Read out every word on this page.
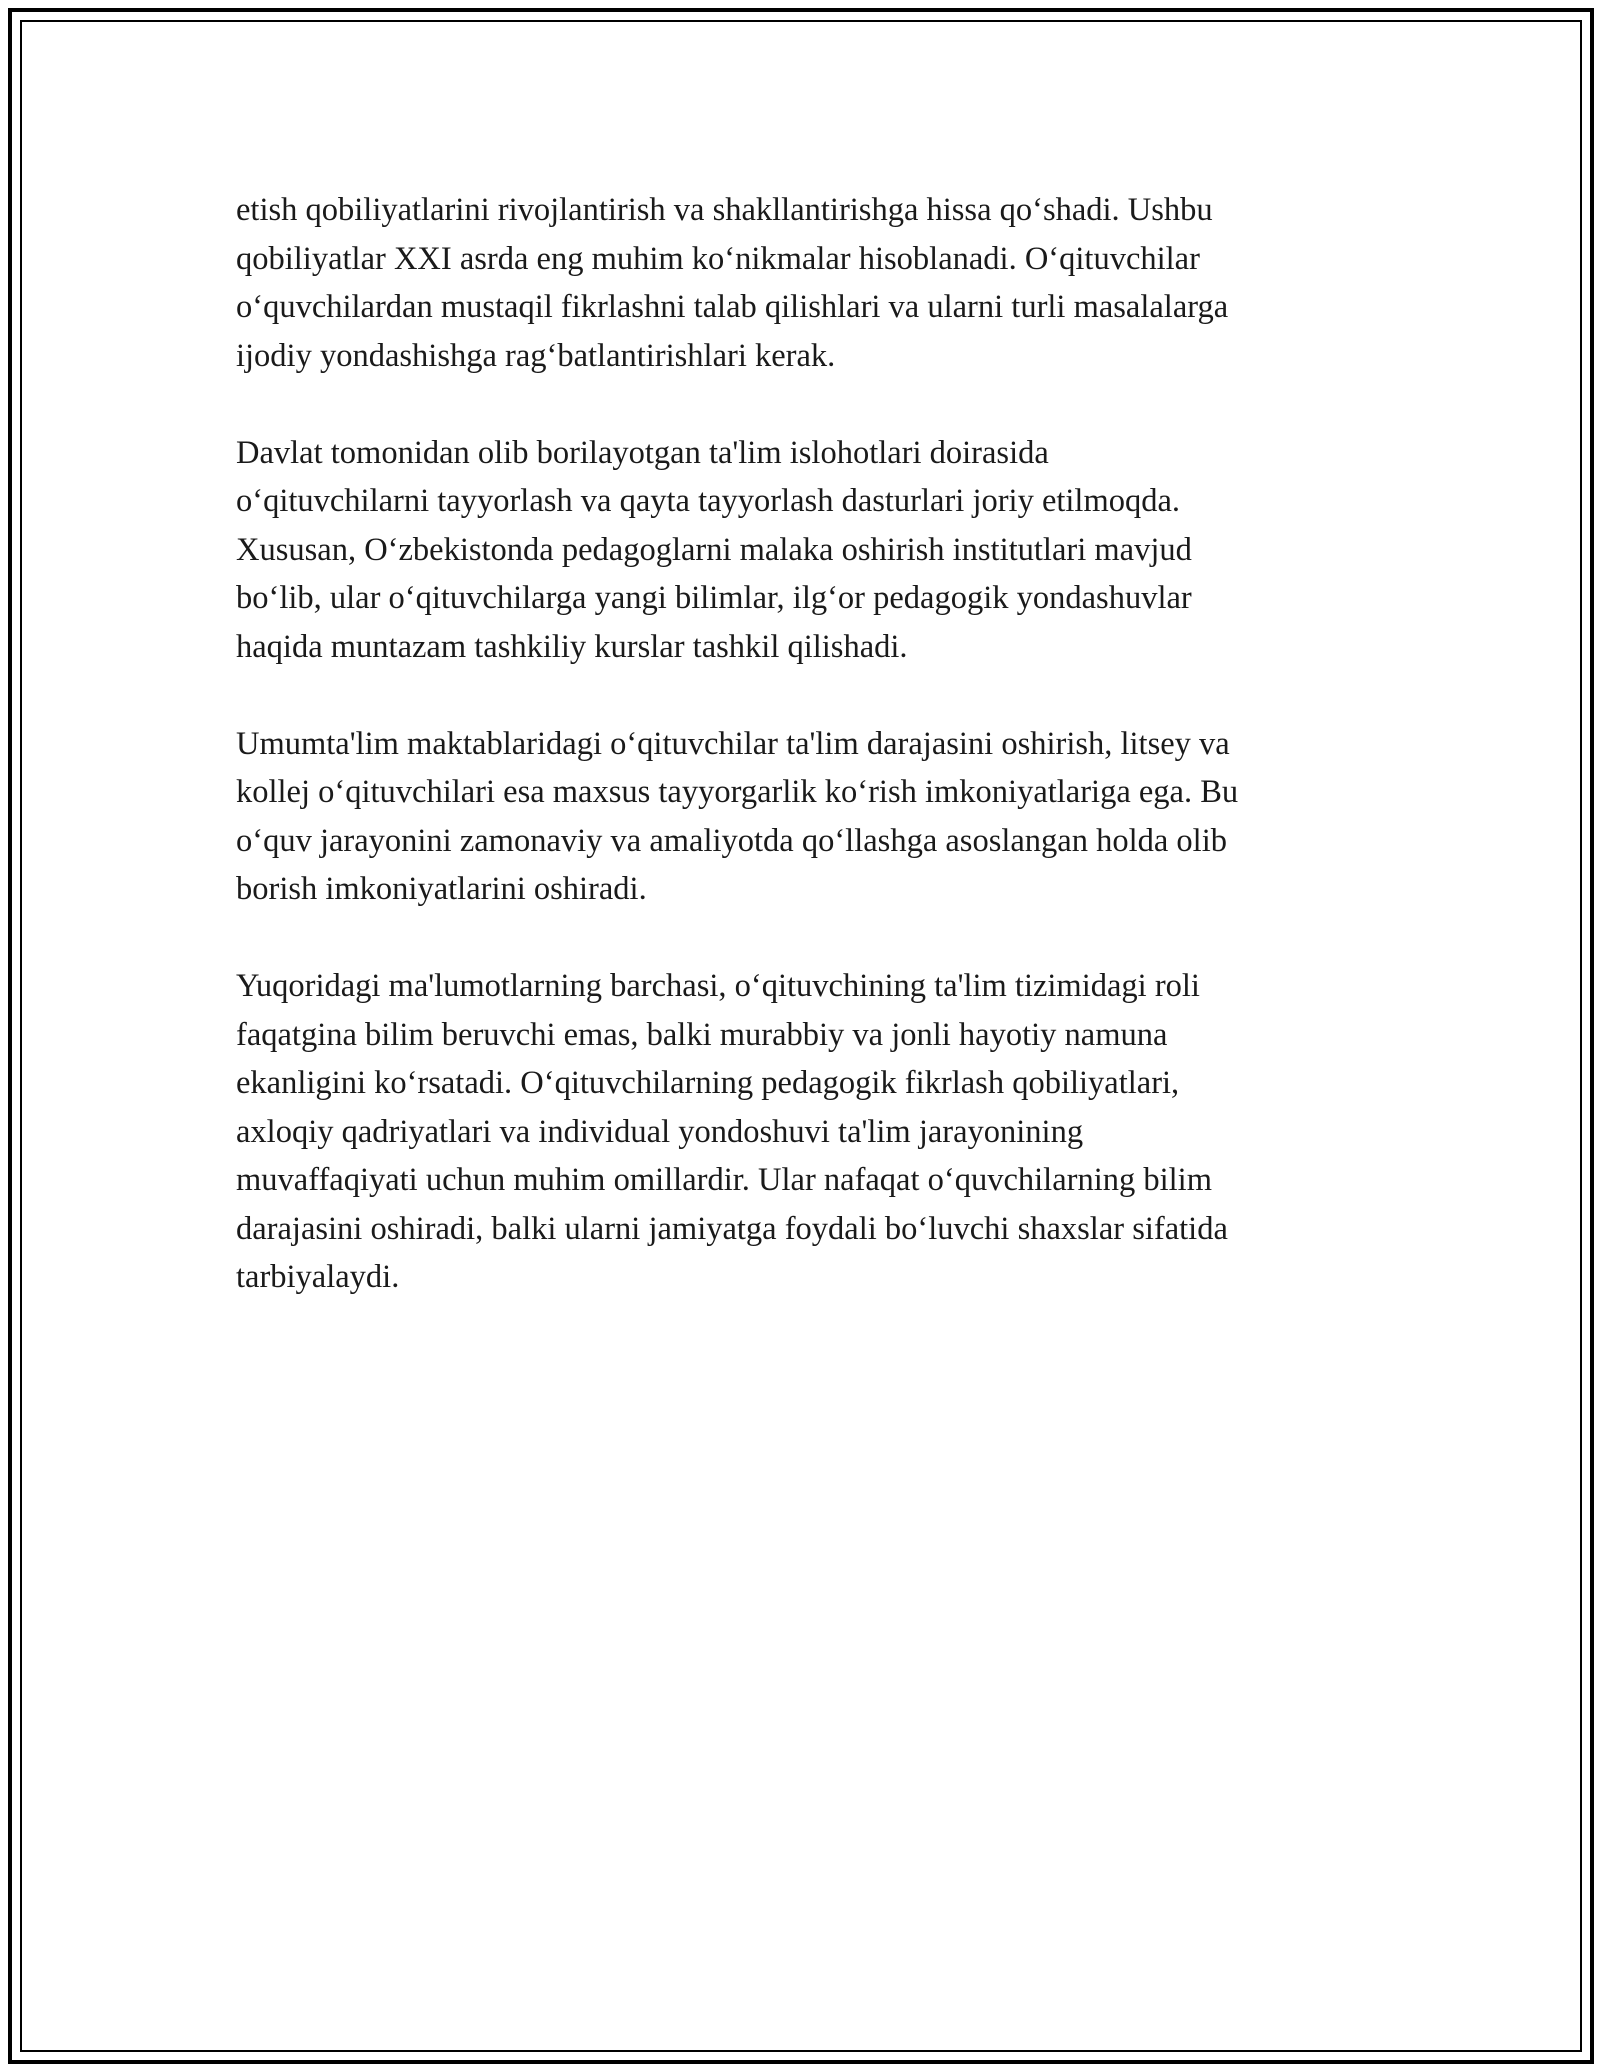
etish qobiliyatlarini rivojlantirish va shakllantirishga hissa qo‘shadi. Ushbu
qobiliyatlar XXI asrda eng muhim ko‘nikmalar hisoblanadi. O‘qituvchilar
o‘quvchilardan mustaqil fikrlashni talab qilishlari va ularni turli masalalarga
ijodiy yondashishga rag‘batlantirishlari kerak.

Davlat tomonidan olib borilayotgan ta'lim islohotlari doirasida
o‘qituvchilarni tayyorlash va qayta tayyorlash dasturlari joriy etilmoqda.
Xususan, O‘zbekistonda pedagoglarni malaka oshirish institutlari mavjud
bo‘lib, ular o‘qituvchilarga yangi bilimlar, ilg‘or pedagogik yondashuvlar
haqida muntazam tashkiliy kurslar tashkil qilishadi.

Umumta'lim maktablaridagi o‘qituvchilar ta'lim darajasini oshirish, litsey va
kollej o‘qituvchilari esa maxsus tayyorgarlik ko‘rish imkoniyatlariga ega. Bu
o‘quv jarayonini zamonaviy va amaliyotda qo‘llashga asoslangan holda olib
borish imkoniyatlarini oshiradi.

Yuqoridagi ma'lumotlarning barchasi, o‘qituvchining ta'lim tizimidagi roli
faqatgina bilim beruvchi emas, balki murabbiy va jonli hayotiy namuna
ekanligini ko‘rsatadi. O‘qituvchilarning pedagogik fikrlash qobiliyatlari,
axloqiy qadriyatlari va individual yondoshuvi ta'lim jarayonining
muvaffaqiyati uchun muhim omillardir. Ular nafaqat o‘quvchilarning bilim
darajasini oshiradi, balki ularni jamiyatga foydali bo‘luvchi shaxslar sifatida
tarbiyalaydi.
